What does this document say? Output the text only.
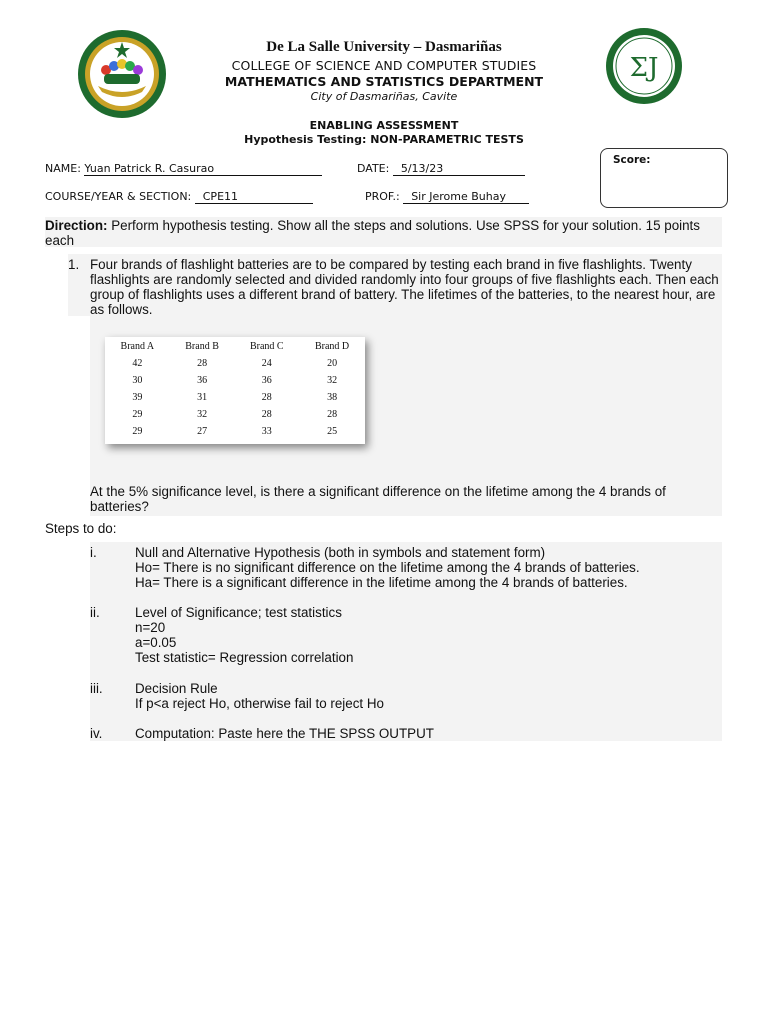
ΣJ
De La Salle University – Dasmariñas
COLLEGE OF SCIENCE AND COMPUTER STUDIES
MATHEMATICS AND STATISTICS DEPARTMENT
City of Dasmariñas, Cavite
ENABLING ASSESSMENT
Hypothesis Testing: NON-PARAMETRIC TESTS
NAME: Yuan Patrick R. Casurao	DATE: 5/13/23
COURSE/YEAR & SECTION: CPE11	PROF.: Sir Jerome Buhay
Score:
Direction: Perform hypothesis testing. Show all the steps and solutions. Use SPSS for your solution. 15 points each
1. Four brands of flashlight batteries are to be compared by testing each brand in five flashlights. Twenty flashlights are randomly selected and divided randomly into four groups of five flashlights each. Then each group of flashlights uses a different brand of battery. The lifetimes of the batteries, to the nearest hour, are as follows.
Brand A	Brand B	Brand C	Brand D
42	28	24	20
30	36	36	32
39	31	28	38
29	32	28	28
29	27	33	25
At the 5% significance level, is there a significant difference on the lifetime among the 4 brands of batteries?
Steps to do:
i.	Null and Alternative Hypothesis (both in symbols and statement form)
Ho= There is no significant difference on the lifetime among the 4 brands of batteries.
Ha= There is a significant difference in the lifetime among the 4 brands of batteries.
ii.	Level of Significance; test statistics
n=20
a=0.05
Test statistic= Regression correlation
iii. Decision Rule
If p<a reject Ho, otherwise fail to reject Ho
iv. Computation: Paste here the THE SPSS OUTPUT
